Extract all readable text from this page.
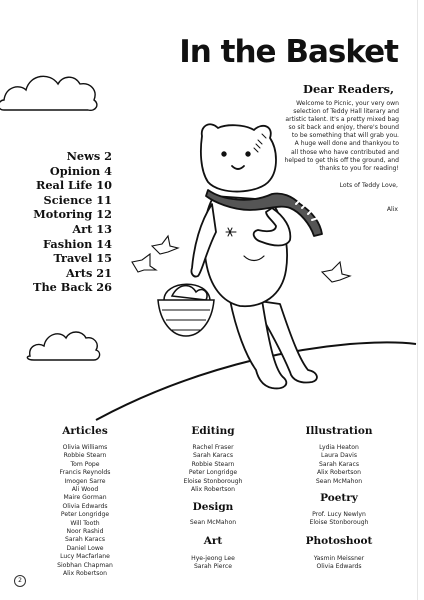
In the Basket
Dear Readers,
Welcome to Picnic, your very own
selection of Teddy Hall literary and
artistic talent. It's a pretty mixed bag
so sit back and enjoy, there's bound
to be something that will grab you.
A huge well done and thankyou to
all those who have contributed and
helped to get this off the ground, and
thanks to you for reading!
Lots of Teddy Love,
Alix
News 2
Opinion 4
Real Life 10
Science 11
Motoring 12
Art 13
Fashion 14
Travel 15
Arts 21
The Back 26
Articles
Olivia Williams
Robbie Stearn
Tom Pope
Francis Reynolds
Imogen Sarre
Ali Wood
Maire Gorman
Olivia Edwards
Peter Longridge
Will Tooth
Noor Rashid
Sarah Karacs
Daniel Lowe
Lucy Macfarlane
Siobhan Chapman
Alix Robertson
Editing
Rachel Fraser
Sarah Karacs
Robbie Stearn
Peter Longridge
Eloise Stonborough
Alix Robertson
Design
Sean McMahon
Art
Hye-jeong Lee
Sarah Pierce
Illustration
Lydia Heaton
Laura Davis
Sarah Karacs
Alix Robertson
Sean McMahon
Poetry
Prof. Lucy Newlyn
Eloise Stonborough
Photoshoot
Yasmin Meissner
Olivia Edwards
2
